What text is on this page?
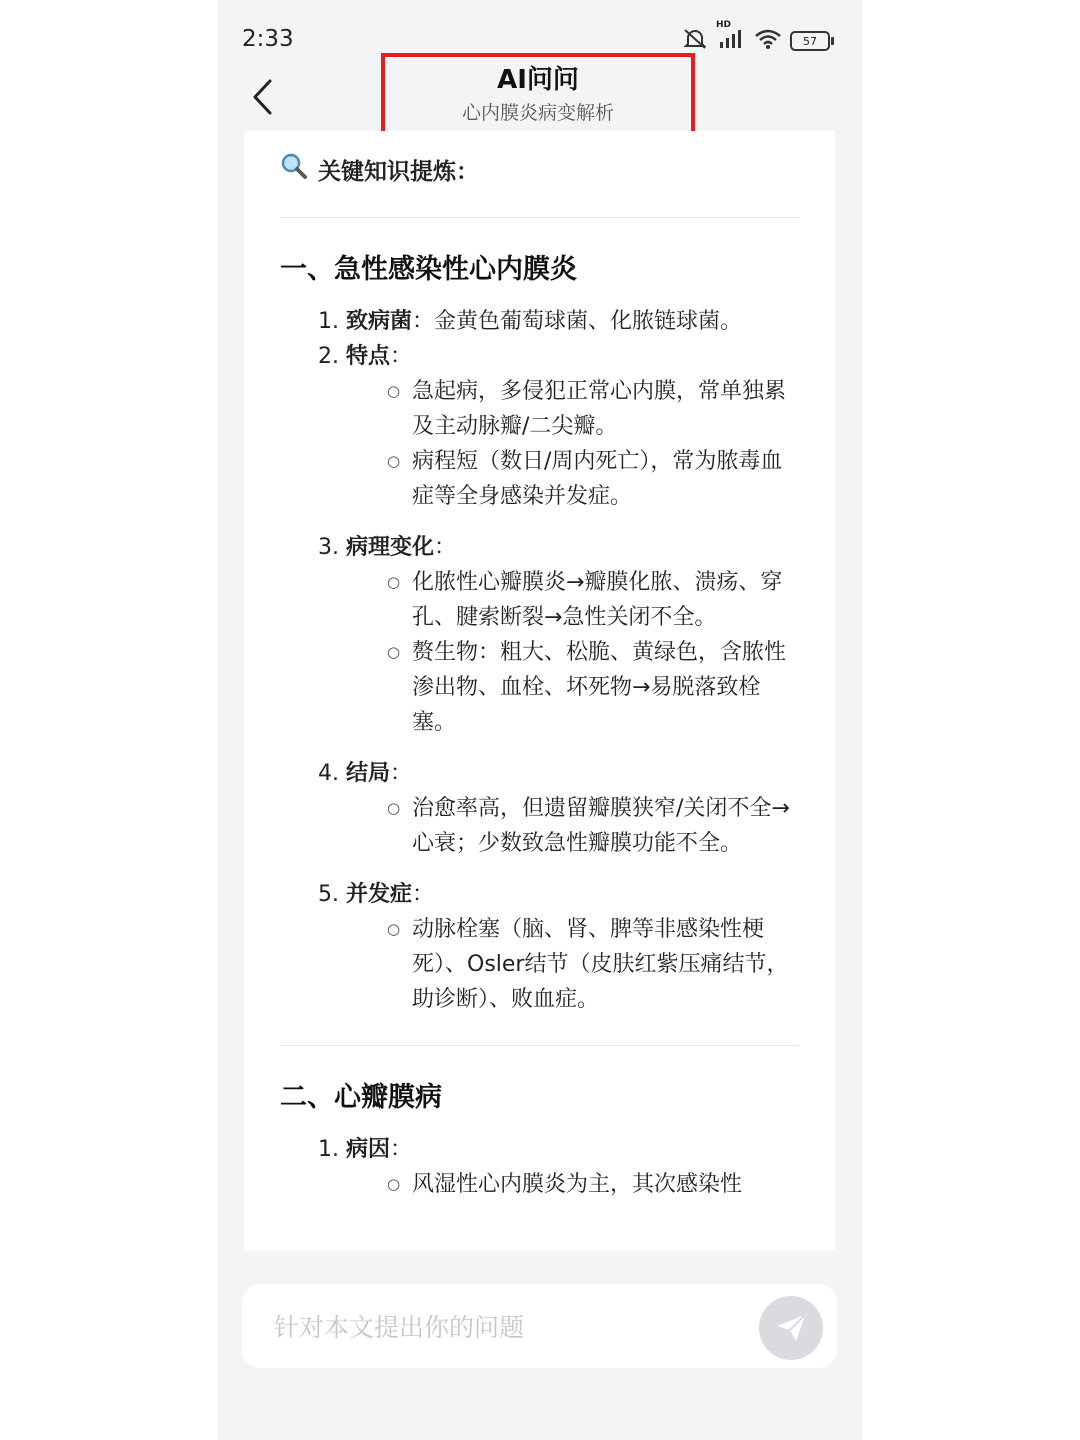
2:33
HD
57
AI问问
心内膜炎病变解析
关键知识提炼：
一、急性感染性心内膜炎
1. 致病菌：金黄色葡萄球菌、化脓链球菌。
2. 特点：
○ 急起病，多侵犯正常心内膜，常单独累及主动脉瓣/二尖瓣。
○ 病程短（数日/周内死亡），常为脓毒血症等全身感染并发症。
3. 病理变化：
○ 化脓性心瓣膜炎→瓣膜化脓、溃疡、穿孔、腱索断裂→急性关闭不全。
○ 赘生物：粗大、松脆、黄绿色，含脓性渗出物、血栓、坏死物→易脱落致栓塞。
4. 结局：
○ 治愈率高，但遗留瓣膜狭窄/关闭不全→心衰；少数致急性瓣膜功能不全。
5. 并发症：
○ 动脉栓塞（脑、肾、脾等非感染性梗死）、Osler结节（皮肤红紫压痛结节，助诊断）、败血症。
二、心瓣膜病
1. 病因：
○ 风湿性心内膜炎为主，其次感染性
针对本文提出你的问题
